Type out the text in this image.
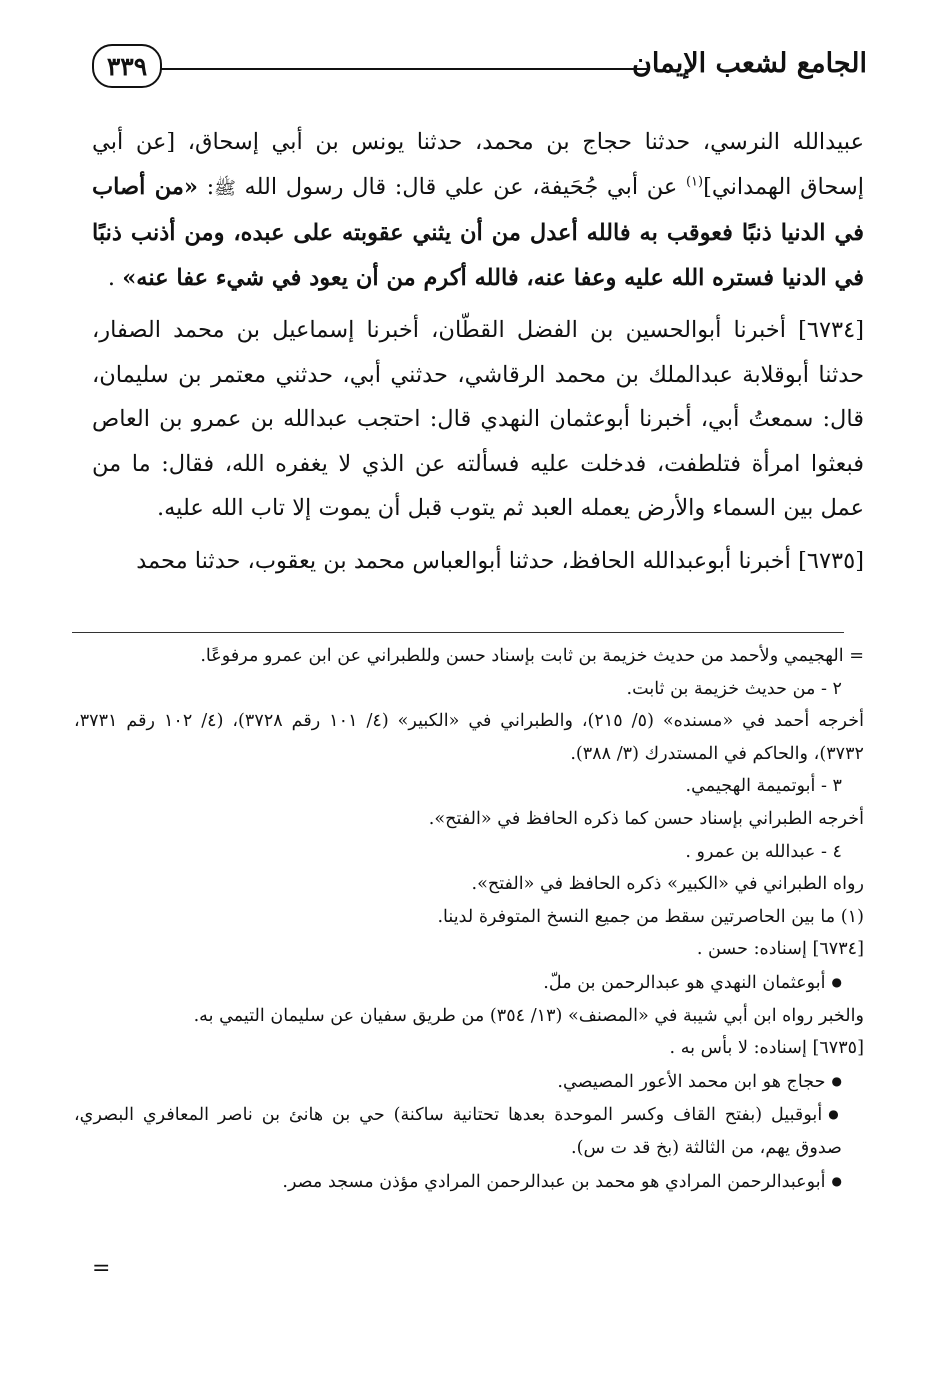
الجامع لشعب الإيمان
٣٣٩

عبيدالله النرسي، حدثنا حجاج بن محمد، حدثنا يونس بن أبي إسحاق، [عن أبي إسحاق الهمداني]$^{(١)}$ عن أبي جُحَيفة، عن علي قال: قال رسول الله ﷺ: «من أصاب في الدنيا ذنبًا فعوقب به فالله أعدل من أن يثني عقوبته على عبده، ومن أذنب ذنبًا في الدنيا فستره الله عليه وعفا عنه، فالله أكرم من أن يعود في شيء عفا عنه» .

[٦٧٣٤] أخبرنا أبوالحسين بن الفضل القطّان، أخبرنا إسماعيل بن محمد الصفار، حدثنا أبوقلابة عبدالملك بن محمد الرقاشي، حدثني أبي، حدثني معتمر بن سليمان، قال: سمعتُ أبي، أخبرنا أبوعثمان النهدي قال: احتجب عبدالله بن عمرو بن العاص فبعثوا امرأة فتلطفت، فدخلت عليه فسألته عن الذي لا يغفره الله، فقال: ما من عمل بين السماء والأرض يعمله العبد ثم يتوب قبل أن يموت إلا تاب الله عليه.

[٦٧٣٥] أخبرنا أبوعبدالله الحافظ، حدثنا أبوالعباس محمد بن يعقوب، حدثنا محمد

= الهجيمي ولأحمد من حديث خزيمة بن ثابت بإسناد حسن وللطبراني عن ابن عمرو مرفوعًا.

٢ - من حديث خزيمة بن ثابت.

أخرجه أحمد في «مسنده» (٥/ ٢١٥)، والطبراني في «الكبير» (٤/ ١٠١ رقم ٣٧٢٨)، (٤/ ١٠٢ رقم ٣٧٣١، ٣٧٣٢)، والحاكم في المستدرك (٣/ ٣٨٨).

٣ - أبوتميمة الهجيمي.

أخرجه الطبراني بإسناد حسن كما ذكره الحافظ في «الفتح».

٤ - عبدالله بن عمرو .

رواه الطبراني في «الكبير» ذكره الحافظ في «الفتح».

(١) ما بين الحاصرتين سقط من جميع النسخ المتوفرة لدينا.

[٦٧٣٤] إسناده: حسن .

● أبوعثمان النهدي هو عبدالرحمن بن ملّ.

والخبر رواه ابن أبي شيبة في «المصنف» (١٣/ ٣٥٤) من طريق سفيان عن سليمان التيمي به.

[٦٧٣٥] إسناده: لا بأس به .

● حجاج هو ابن محمد الأعور المصيصي.

● أبوقبيل (بفتح القاف وكسر الموحدة بعدها تحتانية ساكنة) حي بن هانئ بن ناصر المعافري البصري، صدوق يهم، من الثالثة (بخ قد ت س).

● أبوعبدالرحمن المرادي هو محمد بن عبدالرحمن المرادي مؤذن مسجد مصر.

=
